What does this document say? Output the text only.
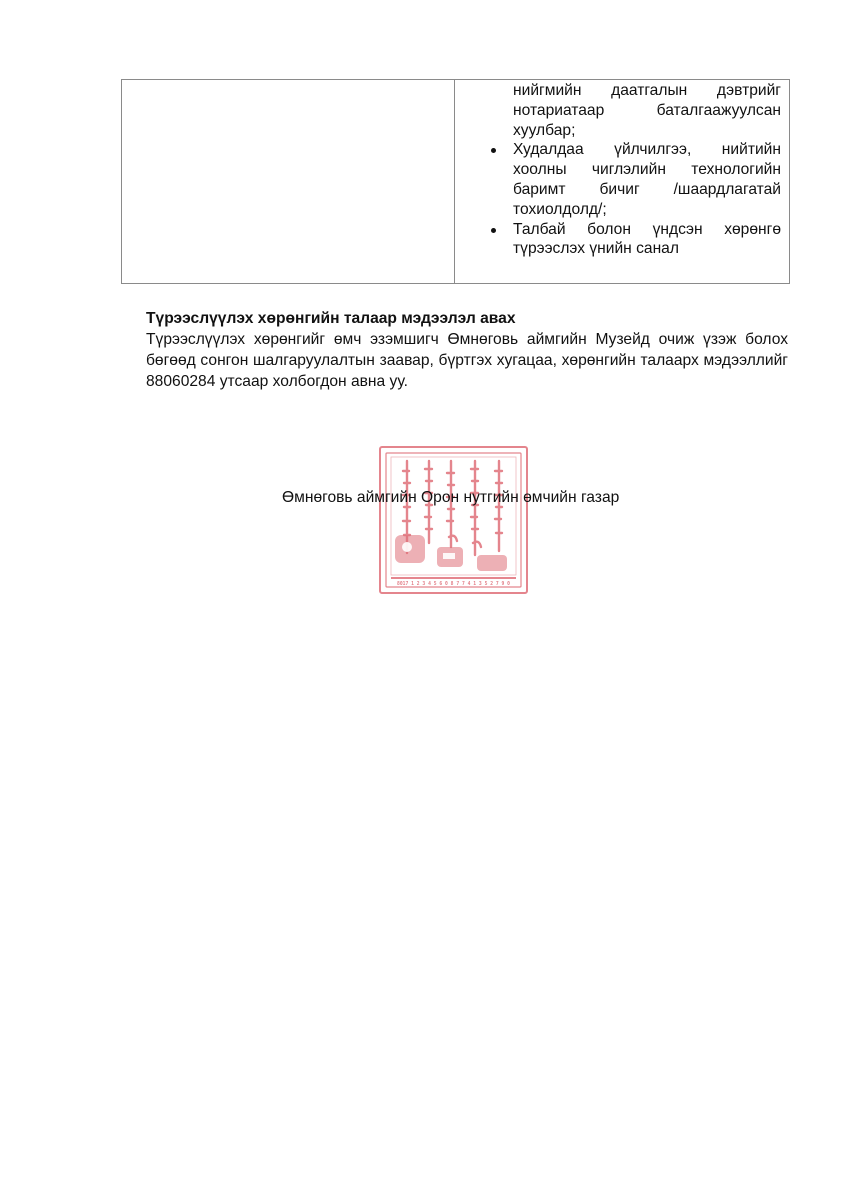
нийгмийн даатгалын дэвтрийг нотариатаар баталгаажуулсан хуулбар;
Худалдаа үйлчилгээ, нийтийн хоолны чиглэлийн технологийн баримт бичиг /шаардлагатай тохиолдолд/;
Талбай болон үндсэн хөрөнгө түрээслэх үнийн санал

Түрээслүүлэх хөрөнгийн талаар мэдээлэл авах

Түрээслүүлэх хөрөнгийг өмч эзэмшигч Өмнөговь аймгийн Музейд очиж үзэж болох бөгөөд сонгон шалгаруулалтын заавар, бүртгэх хугацаа, хөрөнгийн талаарх мэдээллийг 88060284 утсаар холбогдон авна уу.

8017 1 2 3 4 5 6 0 8 7 7 4 1 3 5 2 7 9 0
Өмнөговь аймгийн Орон нутгийн өмчийн газар
